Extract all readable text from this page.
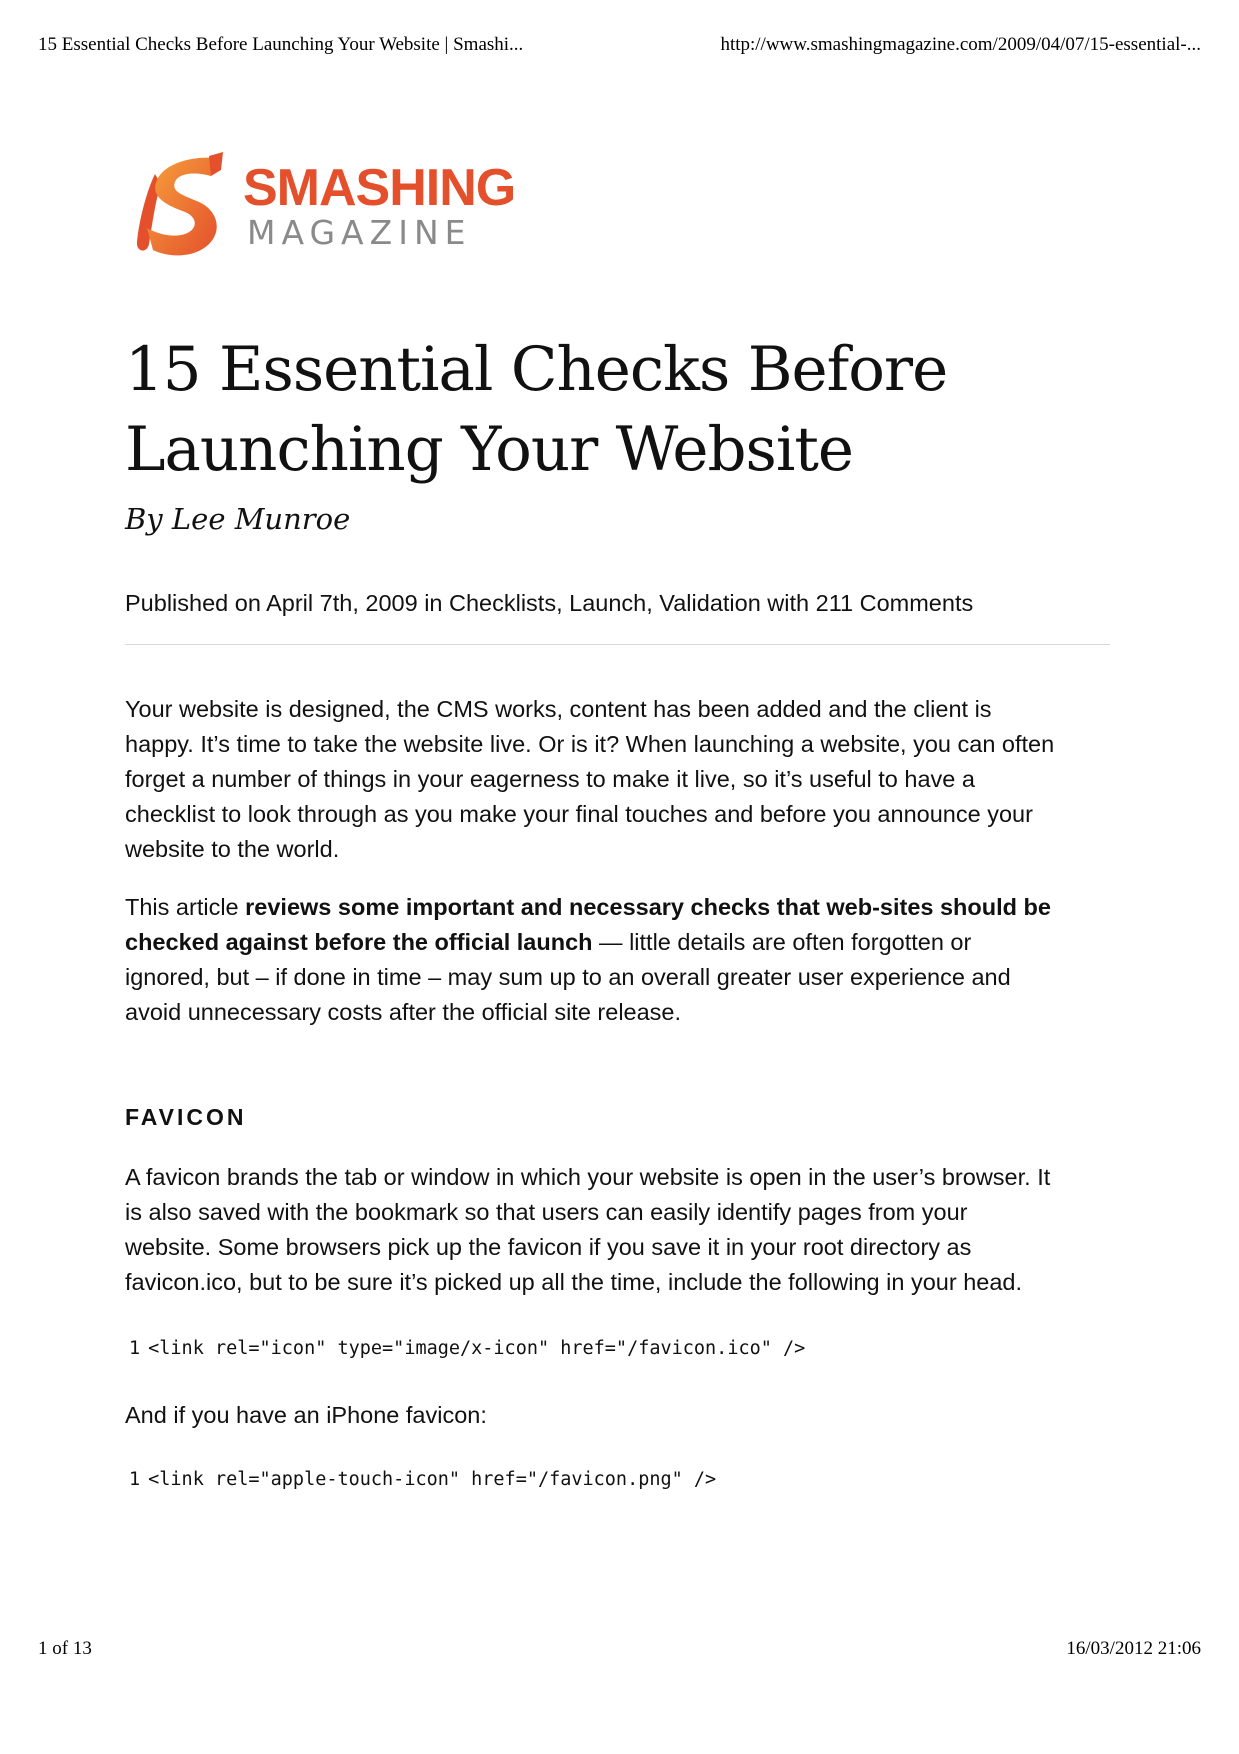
15 Essential Checks Before Launching Your Website | Smashi...	http://www.smashingmagazine.com/2009/04/07/15-essential-...
SMASHING
MAGAZINE
15 Essential Checks Before
Launching Your Website
By Lee Munroe
Published on April 7th, 2009 in Checklists, Launch, Validation with 211 Comments

Your website is designed, the CMS works, content has been added and the client is
happy. It’s time to take the website live. Or is it? When launching a website, you can often
forget a number of things in your eagerness to make it live, so it’s useful to have a
checklist to look through as you make your final touches and before you announce your
website to the world.

This article reviews some important and necessary checks that web-sites should be
checked against before the official launch — little details are often forgotten or
ignored, but – if done in time – may sum up to an overall greater user experience and
avoid unnecessary costs after the official site release.

FAVICON

A favicon brands the tab or window in which your website is open in the user’s browser. It
is also saved with the bookmark so that users can easily identify pages from your
website. Some browsers pick up the favicon if you save it in your root directory as
favicon.ico, but to be sure it’s picked up all the time, include the following in your head.

1 <link rel="icon" type="image/x-icon" href="/favicon.ico" />

And if you have an iPhone favicon:

1 <link rel="apple-touch-icon" href="/favicon.png" />
1 of 13	16/03/2012 21:06
